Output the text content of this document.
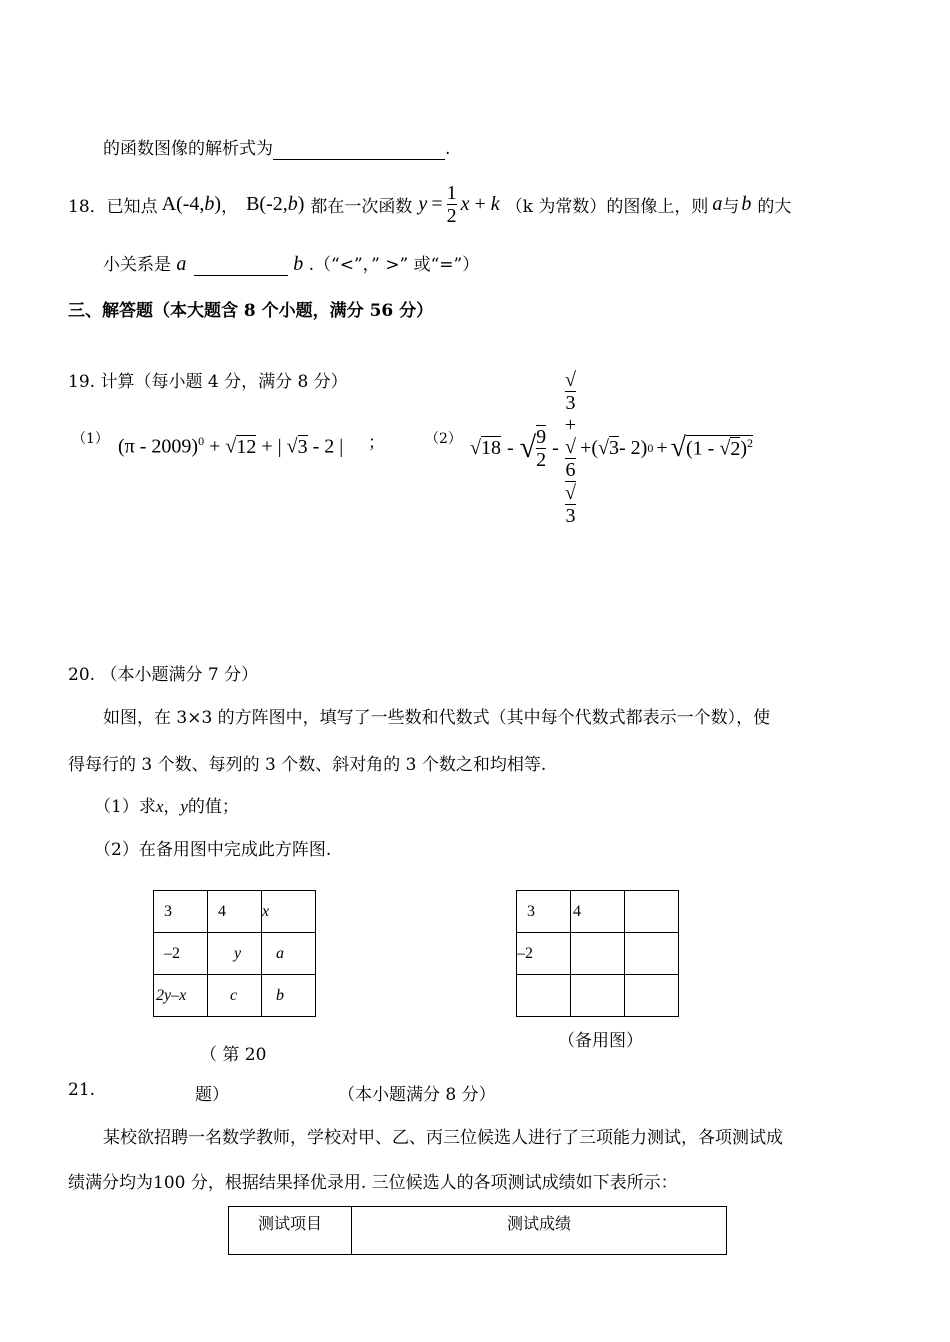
的函数图像的解析式为	.
18． 已知点 A(-4,b) ， B(-2,b) 都在一次函数 $y = \frac{1}{2}$ x + k （k 为常数）的图像上，则 a 与 b 的大
小关系是 a	b .（“<”，” >” 或“=”）
三、解答题（本大题含 8 个小题，满分 56 分）
19. 计算（每小题 4 分，满分 8 分）
（1） (π - 2009)$^0$ + √12 + | √3 - 2 | ；	（2） √ 18 - √ $\frac{9}{2}$ - √
3
+
√
6
√
3 +( √ 3 - 2) 0 + √ (1 - √2)$^2$
20. （本小题满分 7 分）
如图，在 3×3 的方阵图中，填写了一些数和代数式（其中每个代数式都表示一个数），使
得每行的 3 个数、每列的 3 个数、斜对角的 3 个数之和均相等.
（1）求x，y的值；
（2）在备用图中完成此方阵图.
3	4	x
–2	y	a
2y–x	c	b
3	4	
–2		

（ 第 20
（备用图）
21.	题）	（本小题满分 8 分）
某校欲招聘一名数学教师，学校对甲、乙、丙三位候选人进行了三项能力测试，各项测试成
绩满分均为100 分，根据结果择优录用. 三位候选人的各项测试成绩如下表所示：
测试项目	测试成绩
